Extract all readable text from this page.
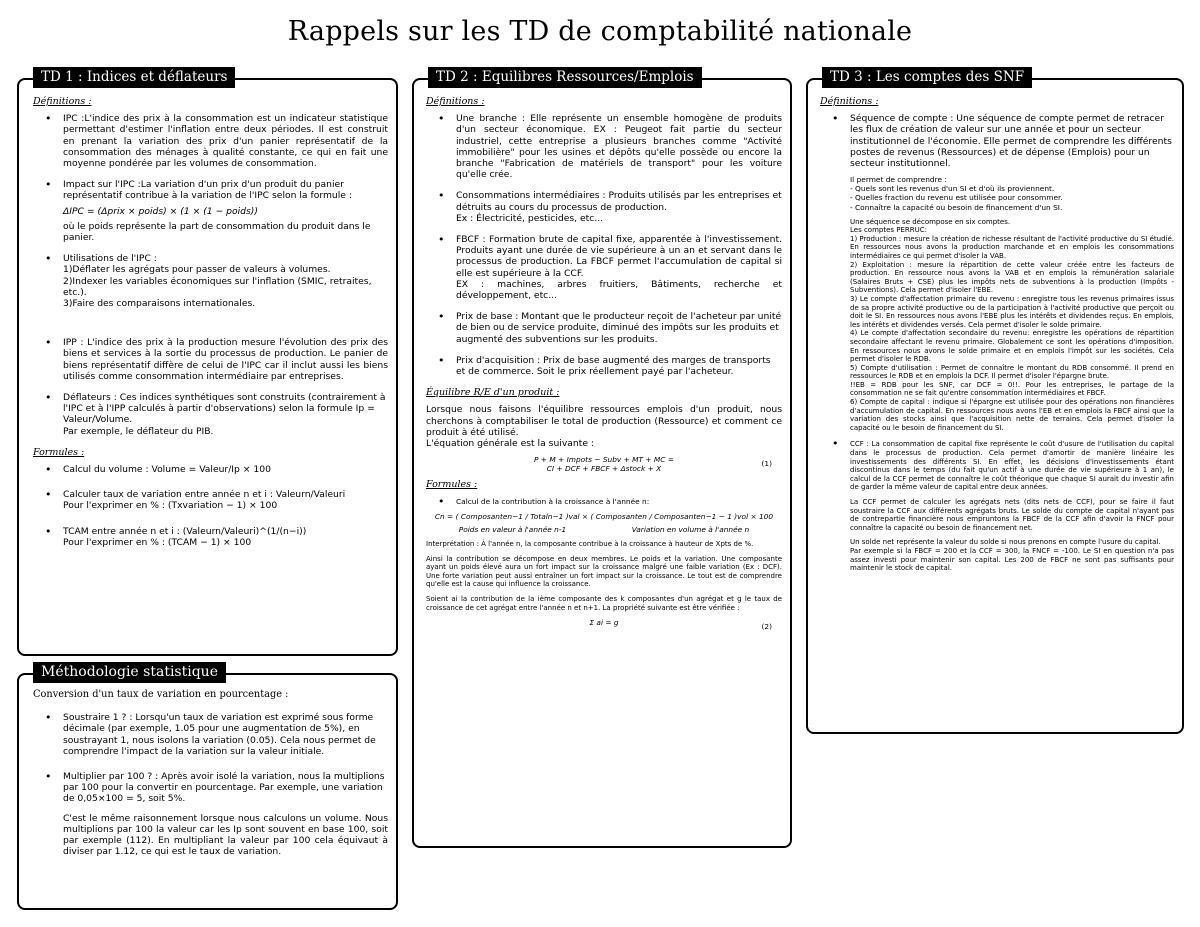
Rappels sur les TD de comptabilité nationale
TD 1 : Indices et déflateurs
Définitions :
• IPC :L'indice des prix à la consommation est un indicateur statistique permettant d'estimer l'inflation entre deux périodes. Il est construit en prenant la variation des prix d'un panier représentatif de la consommation des ménages à qualité constante, ce qui en fait une moyenne pondérée par les volumes de consommation.
• Impact sur l'IPC :La variation d'un prix d'un produit du panier représentatif contribue à la variation de l'IPC selon la formule :
ΔIPC = (Δprix × poids) × (1 × (1 − poids))
où le poids représente la part de consommation du produit dans le panier.
• Utilisations de l'IPC :
1)Déflater les agrégats pour passer de valeurs à volumes.
2)Indexer les variables économiques sur l'inflation (SMIC, retraites, etc.).
3)Faire des comparaisons internationales.
• IPP : L'indice des prix à la production mesure l'évolution des prix des biens et services à la sortie du processus de production. Le panier de biens représentatif diffère de celui de l'IPC car il inclut aussi les biens utilisés comme consommation intermédiaire par entreprises.
• Déflateurs : Ces indices synthétiques sont construits (contrairement à l'IPC et à l'IPP calculés à partir d'observations) selon la formule Ip = Valeur/Volume.
Par exemple, le déflateur du PIB.
Formules :
• Calcul du volume : Volume = Valeur/Ip × 100
• Calculer taux de variation entre année n et i : Valeurn/Valeuri
Pour l'exprimer en % : (Txvariation − 1) × 100
• TCAM entre année n et i : (Valeurn/Valeuri)^(1/(n−i))
Pour l'exprimer en % : (TCAM − 1) × 100
Méthodologie statistique
Conversion d'un taux de variation en pourcentage :
• Soustraire 1 ? : Lorsqu'un taux de variation est exprimé sous forme décimale (par exemple, 1.05 pour une augmentation de 5%), en soustrayant 1, nous isolons la variation (0.05). Cela nous permet de comprendre l'impact de la variation sur la valeur initiale.
• Multiplier par 100 ? : Après avoir isolé la variation, nous la multiplions par 100 pour la convertir en pourcentage. Par exemple, une variation de 0,05×100 = 5, soit 5%.
C'est le même raisonnement lorsque nous calculons un volume. Nous multiplions par 100 la valeur car les Ip sont souvent en base 100, soit par exemple (112). En multipliant la valeur par 100 cela équivaut à diviser par 1.12, ce qui est le taux de variation.
TD 2 : Equilibres Ressources/Emplois
Définitions :
• Une branche : Elle représente un ensemble homogène de produits d'un secteur économique. EX : Peugeot fait partie du secteur industriel, cette entreprise a plusieurs branches comme "Activité immobilière" pour les usines et dépôts qu'elle possède ou encore la branche "Fabrication de matériels de transport" pour les voiture qu'elle crée.
• Consommations intermédiaires : Produits utilisés par les entreprises et détruits au cours du processus de production.
Ex : Électricité, pesticides, etc...
• FBCF : Formation brute de capital fixe, apparentée à l'investissement. Produits ayant une durée de vie supérieure à un an et servant dans le processus de production. La FBCF permet l'accumulation de capital si elle est supérieure à la CCF.
EX : machines, arbres fruitiers, Bâtiments, recherche et développement, etc...
• Prix de base : Montant que le producteur reçoit de l'acheteur par unité de bien ou de service produite, diminué des impôts sur les produits et augmenté des subventions sur les produits.
• Prix d'acquisition : Prix de base augmenté des marges de transports et de commerce. Soit le prix réellement payé par l'acheteur.
Équilibre R/E d'un produit :
Lorsque nous faisons l'équilibre ressources emplois d'un produit, nous cherchons à comptabiliser le total de production (Ressource) et comment ce produit à été utilisé.
L'équation générale est la suivante :
P + M + Impots − Subv + MT + MC =
CI + DCF + FBCF + Δstock + X
(1)
Formules :
• Calcul de la contribution à la croissance à l'année n:
Cn = ( Composanten−1 / Totaln−1 )val × ( Composanten / Composanten−1 − 1 )vol × 100
Poids en valeur à l'année n-1	Variation en volume à l'année n
Interprétation : À l'année n, la composante contribue à la croissance à hauteur de Xpts de %.
Ainsi la contribution se décompose en deux membres. Le poids et la variation. Une composante ayant un poids élevé aura un fort impact sur la croissance malgré une faible variation (Ex : DCF). Une forte variation peut aussi entraîner un fort impact sur la croissance. Le tout est de comprendre qu'elle est la cause qui influence la croissance.
Soient ai la contribution de la ième composante des k composantes d'un agrégat et g le taux de croissance de cet agrégat entre l'année n et n+1. La propriété suivante est être vérifiée :
Σ ai = g	(2)
TD 3 : Les comptes des SNF
Définitions :
• Séquence de compte : Une séquence de compte permet de retracer les flux de création de valeur sur une année et pour un secteur institutionnel de l'économie. Elle permet de comprendre les différents postes de revenus (Ressources) et de dépense (Emplois) pour un secteur institutionnel.
Il permet de comprendre :
- Quels sont les revenus d'un SI et d'où ils proviennent.
- Quelles fraction du revenu est utilisée pour consommer.
- Connaître la capacité ou besoin de financement d'un SI.
Une séquence se décompose en six comptes.
Les comptes PERRUC:
1) Production : mesure la création de richesse résultant de l'activité productive du SI étudié. En ressources nous avons la production marchande et en emplois les consommations intermédiaires ce qui permet d'isoler la VAB.
2) Exploitation : mesure la répartition de cette valeur créée entre les facteurs de production. En ressource nous avons la VAB et en emplois la rémunération salariale (Salaires Bruts + CSE) plus les impôts nets de subventions à la production (Impôts -Subventions). Cela permet d'isoler l'EBE.
3) Le compte d'affectation primaire du revenu : enregistre tous les revenus primaires issus de sa propre activité productive ou de la participation à l'activité productive que perçoit ou doit le SI. En ressources nous avons l'EBE plus les intérêts et dividendes reçus. En emplois, les intérêts et dividendes versés. Cela permet d'isoler le solde primaire.
4) Le compte d'affectation secondaire du revenu: enregistre les opérations de répartition secondaire affectant le revenu primaire. Globalement ce sont les opérations d'imposition. En ressources nous avons le solde primaire et en emplois l'impôt sur les sociétés. Cela permet d'isoler le RDB.
5) Compte d'utilisation : Permet de connaître le montant du RDB consommé. Il prend en ressources le RDB et en emplois la DCF. Il permet d'isoler l'épargne brute.
!!EB = RDB pour les SNF, car DCF = 0!!. Pour les entreprises, le partage de la consommation ne se fait qu'entre consommation intermédiaires et FBCF.
6) Compte de capital : indique si l'épargne est utilisée pour des opérations non financières d'accumulation de capital. En ressources nous avons l'EB et en emplois la FBCF ainsi que la variation des stocks ainsi que l'acquisition nette de terrains. Cela permet d'isoler la capacité ou le besoin de financement du SI.
• CCF : La consommation de capital fixe représente le coût d'usure de l'utilisation du capital dans le processus de production. Cela permet d'amortir de manière linéaire les investissements des différents SI. En effet, les décisions d'investissements étant discontinus dans le temps (du fait qu'un actif à une durée de vie supérieure à 1 an), le calcul de la CCF permet de connaître le coût théorique que chaque SI aurait du investir afin de garder la même valeur de capital entre deux années.
La CCF permet de calculer les agrégats nets (dits nets de CCF), pour se faire il faut soustraire la CCF aux différents agrégats bruts. Le solde du compte de capital n'ayant pas de contrepartie financière nous empruntons la FBCF de la CCF afin d'avoir la FNCF pour connaître la capacité ou besoin de financement net.
Un solde net représente la valeur du solde si nous prenons en compte l'usure du capital.
Par exemple si la FBCF = 200 et la CCF = 300, la FNCF = -100. Le SI en question n'a pas assez investi pour maintenir son capital. Les 200 de FBCF ne sont pas suffisants pour maintenir le stock de capital.
